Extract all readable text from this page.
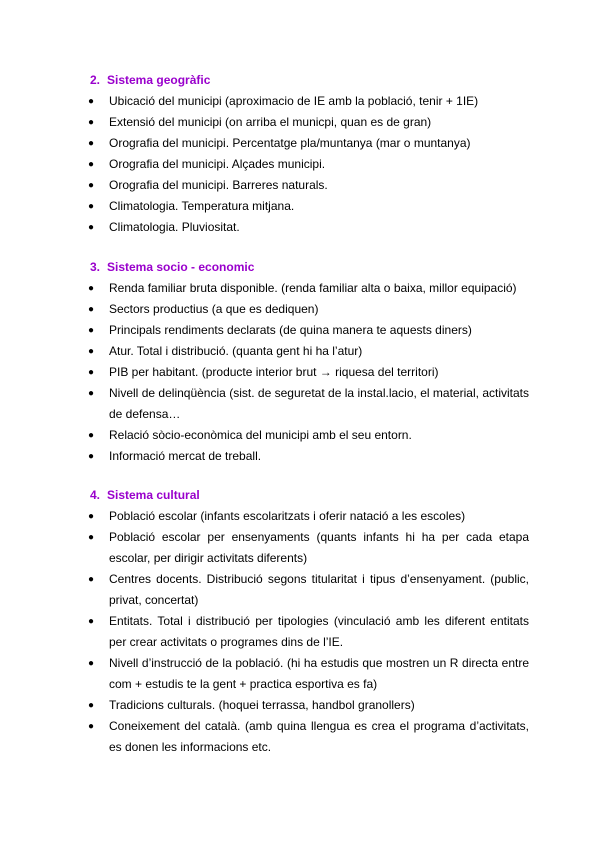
2. Sistema geogràfic
● Ubicació del municipi (aproximacio de IE amb la població, tenir + 1IE)
● Extensió del municipi (on arriba el municpi, quan es de gran)
● Orografia del municipi. Percentatge pla/muntanya (mar o muntanya)
● Orografia del municipi. Alçades municipi.
● Orografia del municipi. Barreres naturals.
● Climatologia. Temperatura mitjana.
● Climatologia. Pluviositat.
3. Sistema socio - economic
● Renda familiar bruta disponible. (renda familiar alta o baixa, millor equipació)
● Sectors productius (a que es dediquen)
● Principals rendiments declarats (de quina manera te aquests diners)
● Atur. Total i distribució. (quanta gent hi ha l’atur)
● PIB per habitant. (producte interior brut → riquesa del territori)
● Nivell de delinqüència (sist. de seguretat de la instal.lacio, el material, activitats de defensa…
● Relació sòcio-econòmica del municipi amb el seu entorn.
● Informació mercat de treball.
4. Sistema cultural
● Població escolar (infants escolaritzats i oferir natació a les escoles)
● Població escolar per ensenyaments (quants infants hi ha per cada etapa escolar, per dirigir activitats diferents)
● Centres docents. Distribució segons titularitat i tipus d’ensenyament. (public, privat, concertat)
● Entitats. Total i distribució per tipologies (vinculació amb les diferent entitats per crear activitats o programes dins de l’IE.
● Nivell d’instrucció de la població. (hi ha estudis que mostren un R directa entre com + estudis te la gent + practica esportiva es fa)
● Tradicions culturals. (hoquei terrassa, handbol granollers)
● Coneixement del català. (amb quina llengua es crea el programa d’activitats, es donen les informacions etc.
